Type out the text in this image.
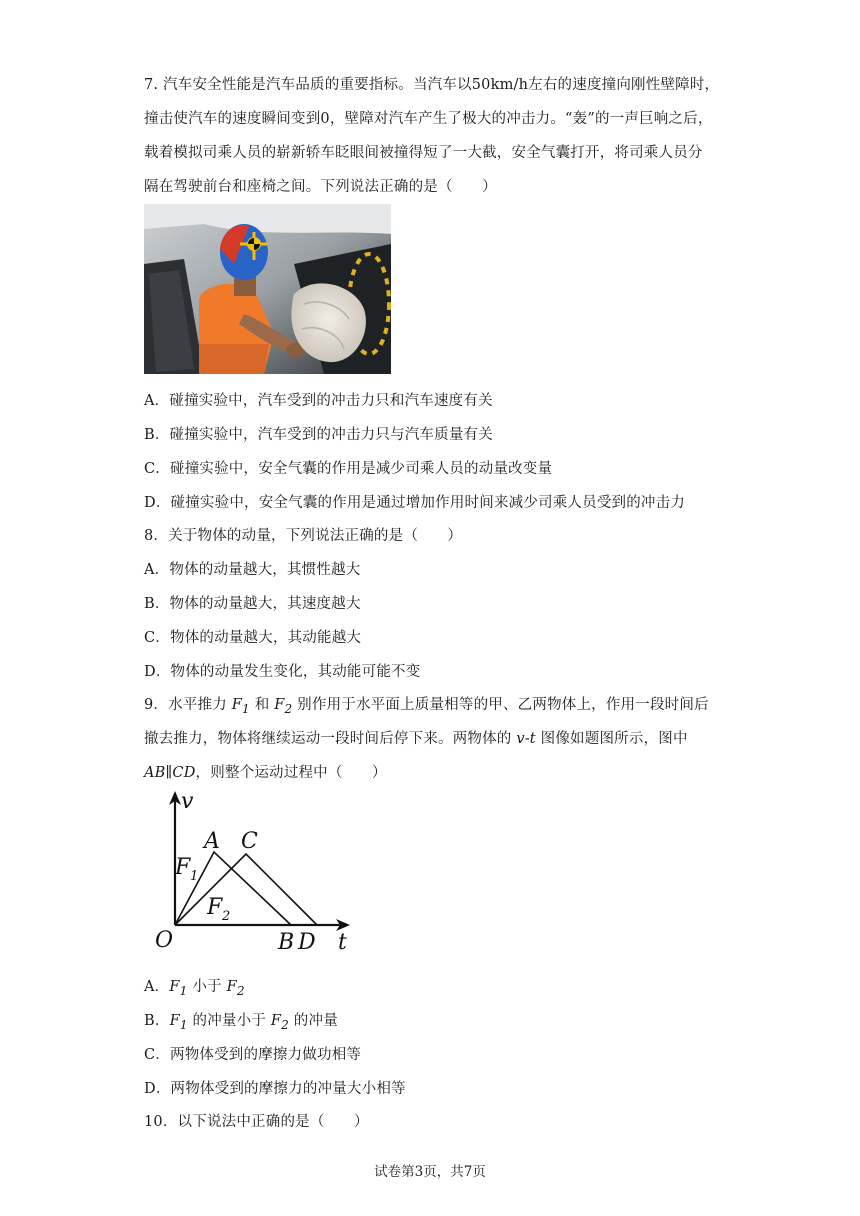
7. 汽车安全性能是汽车品质的重要指标。当汽车以50km/h左右的速度撞向刚性壁障时，
撞击使汽车的速度瞬间变到0，壁障对汽车产生了极大的冲击力。“轰”的一声巨响之后，
载着模拟司乘人员的崭新轿车眨眼间被撞得短了一大截，安全气囊打开，将司乘人员分
隔在驾驶前台和座椅之间。下列说法正确的是（　　）
A．碰撞实验中，汽车受到的冲击力只和汽车速度有关
B．碰撞实验中，汽车受到的冲击力只与汽车质量有关
C．碰撞实验中，安全气囊的作用是减少司乘人员的动量改变量
D．碰撞实验中，安全气囊的作用是通过增加作用时间来减少司乘人员受到的冲击力
8．关于物体的动量，下列说法正确的是（　　）
A．物体的动量越大，其惯性越大
B．物体的动量越大，其速度越大
C．物体的动量越大，其动能越大
D．物体的动量发生变化，其动能可能不变
9．水平推力 $F_1$ 和 $F_2$ 别作用于水平面上质量相等的甲、乙两物体上，作用一段时间后
撤去推力，物体将继续运动一段时间后停下来。两物体的 v-t 图像如题图所示，图中
AB∥CD，则整个运动过程中（　　）
v
A C
F 1
F 2
O	B D t
A．$F_1$ 小于 $F_2$
B．$F_1$ 的冲量小于 $F_2$ 的冲量
C．两物体受到的摩擦力做功相等
D．两物体受到的摩擦力的冲量大小相等
10．以下说法中正确的是（　　）
试卷第3页，共7页
